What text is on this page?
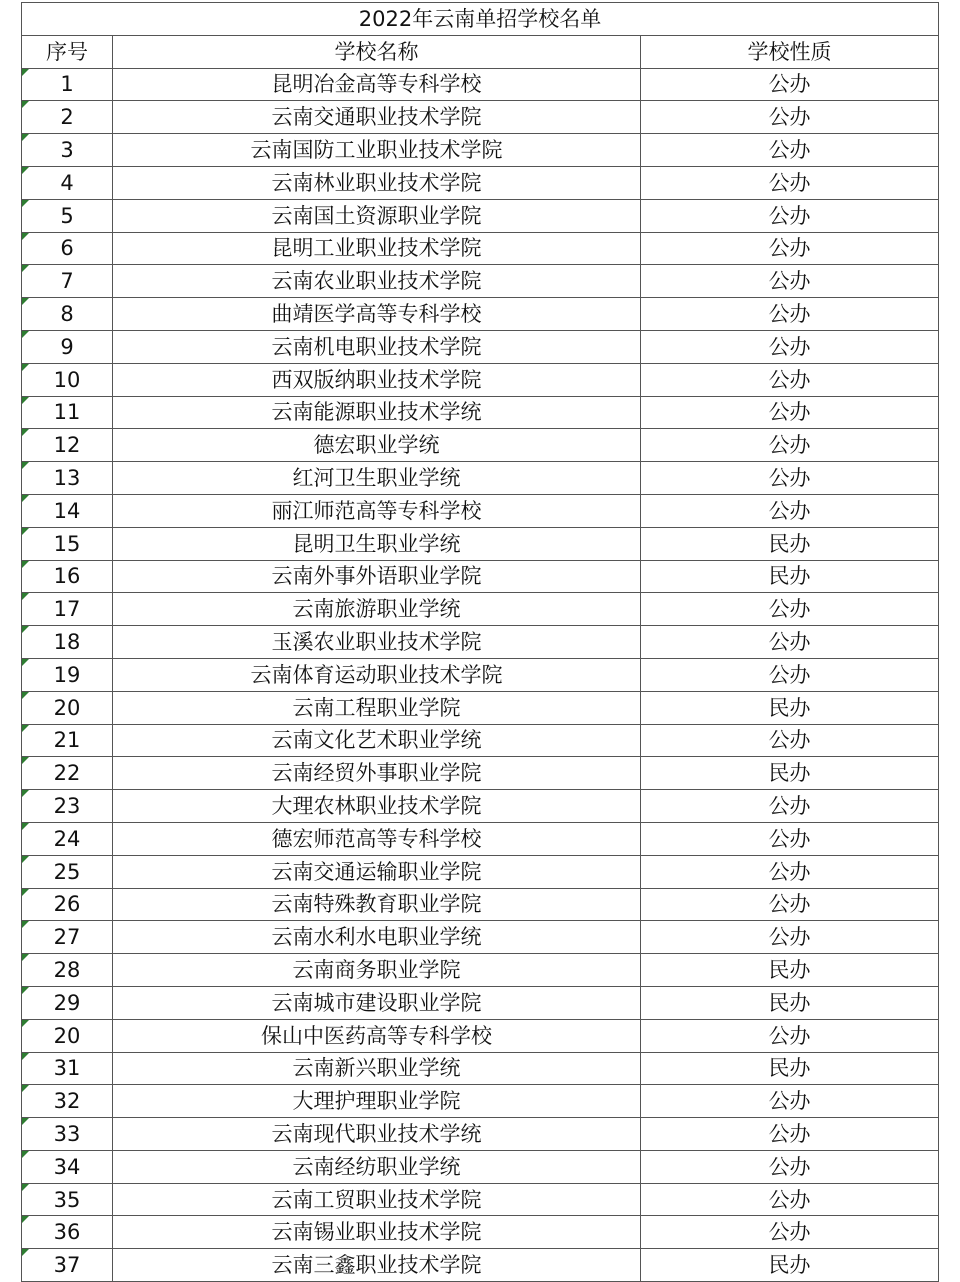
2022年云南单招学校名单		
序号	学校名称	学校性质
1	昆明冶金高等专科学校	公办
2	云南交通职业技术学院	公办
3	云南国防工业职业技术学院	公办
4	云南林业职业技术学院	公办
5	云南国土资源职业学院	公办
6	昆明工业职业技术学院	公办
7	云南农业职业技术学院	公办
8	曲靖医学高等专科学校	公办
9	云南机电职业技术学院	公办
10	西双版纳职业技术学院	公办
11	云南能源职业技术学统	公办
12	德宏职业学统	公办
13	红河卫生职业学统	公办
14	丽江师范高等专科学校	公办
15	昆明卫生职业学统	民办
16	云南外事外语职业学院	民办
17	云南旅游职业学统	公办
18	玉溪农业职业技术学院	公办
19	云南体育运动职业技术学院	公办
20	云南工程职业学院	民办
21	云南文化艺术职业学统	公办
22	云南经贸外事职业学院	民办
23	大理农林职业技术学院	公办
24	德宏师范高等专科学校	公办
25	云南交通运输职业学院	公办
26	云南特殊教育职业学院	公办
27	云南水利水电职业学统	公办
28	云南商务职业学院	民办
29	云南城市建设职业学院	民办
20	保山中医药高等专科学校	公办
31	云南新兴职业学统	民办
32	大理护理职业学院	公办
33	云南现代职业技术学统	公办
34	云南经纺职业学统	公办
35	云南工贸职业技术学院	公办
36	云南锡业职业技术学院	公办
37	云南三鑫职业技术学院	民办
